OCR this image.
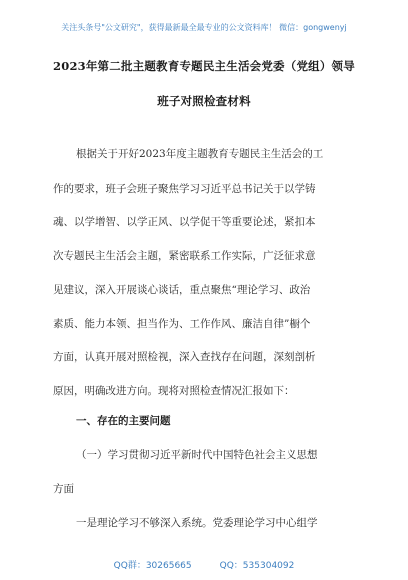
关注头条号"公文研究"，获得最新最全最专业的公文资料库！ 微信：gongwenyj
2023年第二批主题教育专题民主生活会党委（党组）领导
班子对照检查材料
根据关于开好2023年度主题教育专题民主生活会的工
作的要求，班子会班子聚焦学习习近平总书记关于以学铸
魂、以学增智、以学正风、以学促干等重要论述，紧扣本
次专题民主生活会主题，紧密联系工作实际，广泛征求意
见建议，深入开展谈心谈话，重点聚焦“理论学习、政治
素质、能力本领、担当作为、工作作风、廉洁自律”橱个
方面，认真开展对照检视，深入查找存在问题，深刻剖析
原因，明确改进方向。现将对照检查情况汇报如下：
一、存在的主要问题
（一）学习贯彻习近平新时代中国特色社会主义思想
方面
一是理论学习不够深入系统。党委理论学习中心组学
QQ群：30265665	QQ：535304092
